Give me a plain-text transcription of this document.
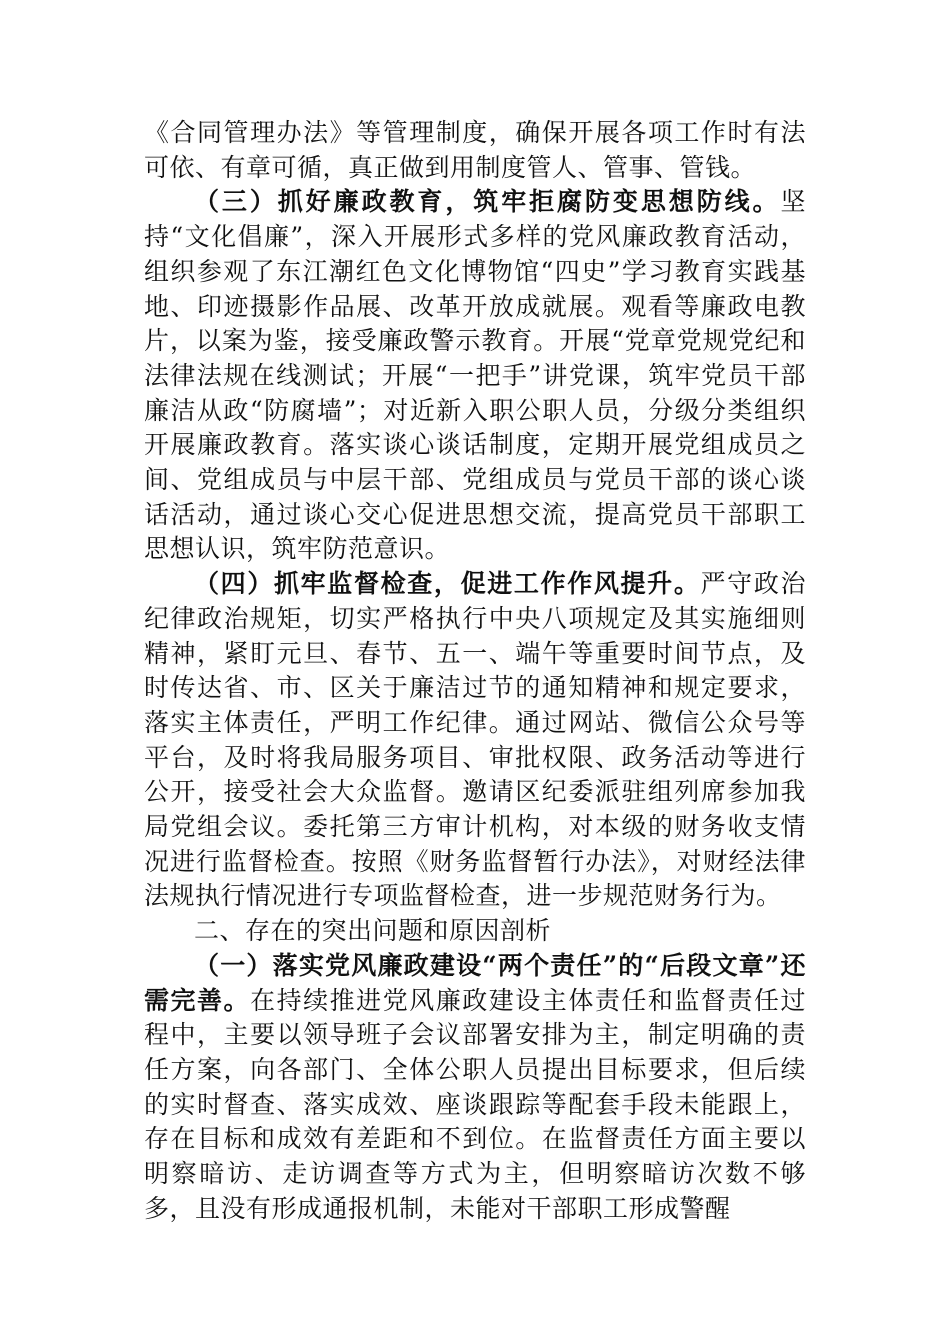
《合同管理办法》等管理制度，确保开展各项工作时有法可依、有章可循，真正做到用制度管人、管事、管钱。

（三）抓好廉政教育，筑牢拒腐防变思想防线。坚持“文化倡廉”，深入开展形式多样的党风廉政教育活动，组织参观了东江潮红色文化博物馆“四史”学习教育实践基地、印迹摄影作品展、改革开放成就展。观看等廉政电教片，以案为鉴，接受廉政警示教育。开展“党章党规党纪和法律法规在线测试；开展“一把手”讲党课，筑牢党员干部廉洁从政“防腐墙”；对近新入职公职人员，分级分类组织开展廉政教育。落实谈心谈话制度，定期开展党组成员之间、党组成员与中层干部、党组成员与党员干部的谈心谈话活动，通过谈心交心促进思想交流，提高党员干部职工思想认识，筑牢防范意识。

（四）抓牢监督检查，促进工作作风提升。严守政治纪律政治规矩，切实严格执行中央八项规定及其实施细则精神，紧盯元旦、春节、五一、端午等重要时间节点，及时传达省、市、区关于廉洁过节的通知精神和规定要求，落实主体责任，严明工作纪律。通过网站、微信公众号等平台，及时将我局服务项目、审批权限、政务活动等进行公开，接受社会大众监督。邀请区纪委派驻组列席参加我局党组会议。委托第三方审计机构，对本级的财务收支情况进行监督检查。按照《财务监督暂行办法》，对财经法律法规执行情况进行专项监督检查，进一步规范财务行为。

二、存在的突出问题和原因剖析

（一）落实党风廉政建设“两个责任”的“后段文章”还需完善。在持续推进党风廉政建设主体责任和监督责任过程中，主要以领导班子会议部署安排为主，制定明确的责任方案，向各部门、全体公职人员提出目标要求，但后续的实时督查、落实成效、座谈跟踪等配套手段未能跟上，存在目标和成效有差距和不到位。在监督责任方面主要以明察暗访、走访调查等方式为主，但明察暗访次数不够多，且没有形成通报机制，未能对干部职工形成警醒
